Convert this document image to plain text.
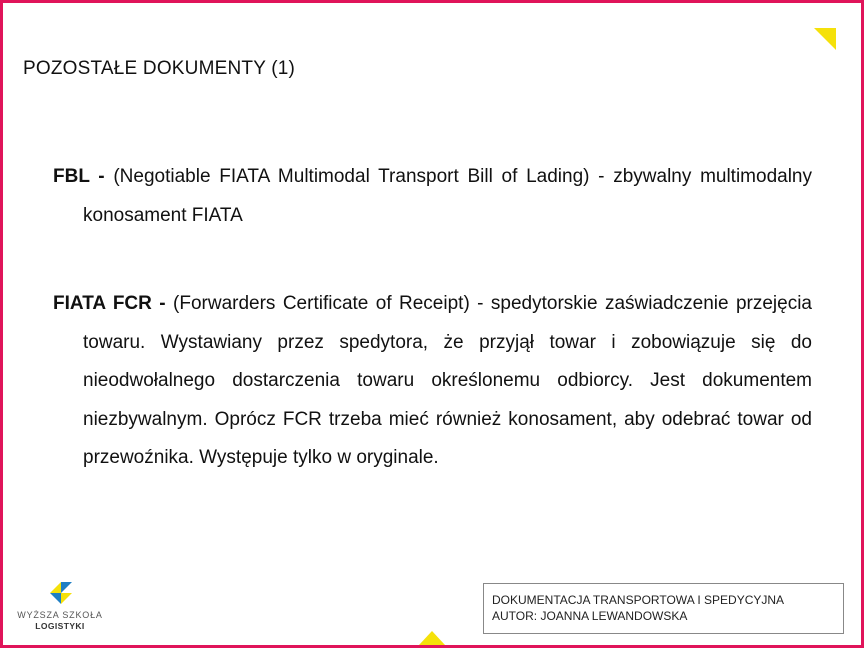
POZOSTAŁE DOKUMENTY (1)
FBL - (Negotiable FIATA Multimodal Transport Bill of Lading) - zbywalny multimodalny konosament FIATA
FIATA FCR - (Forwarders Certificate of Receipt) - spedytorskie zaświadczenie przejęcia towaru. Wystawiany przez spedytora, że przyjął towar i zobowiązuje się do nieodwołalnego dostarczenia towaru określonemu odbiorcy. Jest dokumentem niezbywalnym. Oprócz FCR trzeba mieć również konosament, aby odebrać towar od przewoźnika. Występuje tylko w oryginale.
WYŻSZA SZKOŁA
LOGISTYKI
DOKUMENTACJA TRANSPORTOWA I SPEDYCYJNA
AUTOR: JOANNA LEWANDOWSKA
